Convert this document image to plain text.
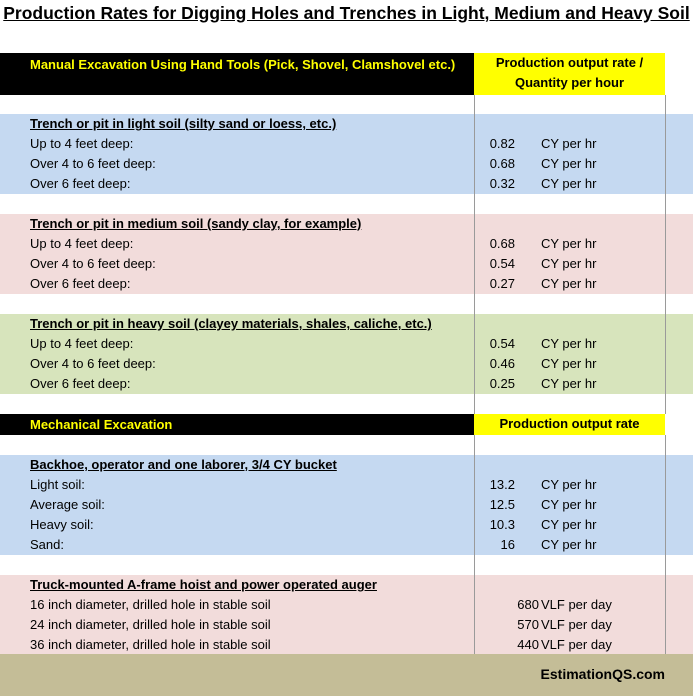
Production Rates for Digging Holes and Trenches in Light, Medium and Heavy Soil
Manual Excavation Using Hand Tools (Pick, Shovel, Clamshovel etc.)	Production output rate / Quantity per hour
Trench or pit in light soil (silty sand or loess, etc.)
Up to 4 feet deep:	0.82 CY per hr
Over 4 to 6 feet deep:	0.68 CY per hr
Over 6 feet deep:	0.32 CY per hr
Trench or pit in medium soil (sandy clay, for example)
Up to 4 feet deep:	0.68 CY per hr
Over 4 to 6 feet deep:	0.54 CY per hr
Over 6 feet deep:	0.27 CY per hr
Trench or pit in heavy soil (clayey materials, shales, caliche, etc.)
Up to 4 feet deep:	0.54 CY per hr
Over 4 to 6 feet deep:	0.46 CY per hr
Over 6 feet deep:	0.25 CY per hr
Mechanical Excavation	Production output rate
Backhoe, operator and one laborer, 3/4 CY bucket
Light soil:	13.2 CY per hr
Average soil:	12.5 CY per hr
Heavy soil:	10.3 CY per hr
Sand:	16 CY per hr
Truck-mounted A-frame hoist and power operated auger
16 inch diameter, drilled hole in stable soil	680 VLF per day
24 inch diameter, drilled hole in stable soil	570 VLF per day
36 inch diameter, drilled hole in stable soil	440 VLF per day
EstimationQS.com
